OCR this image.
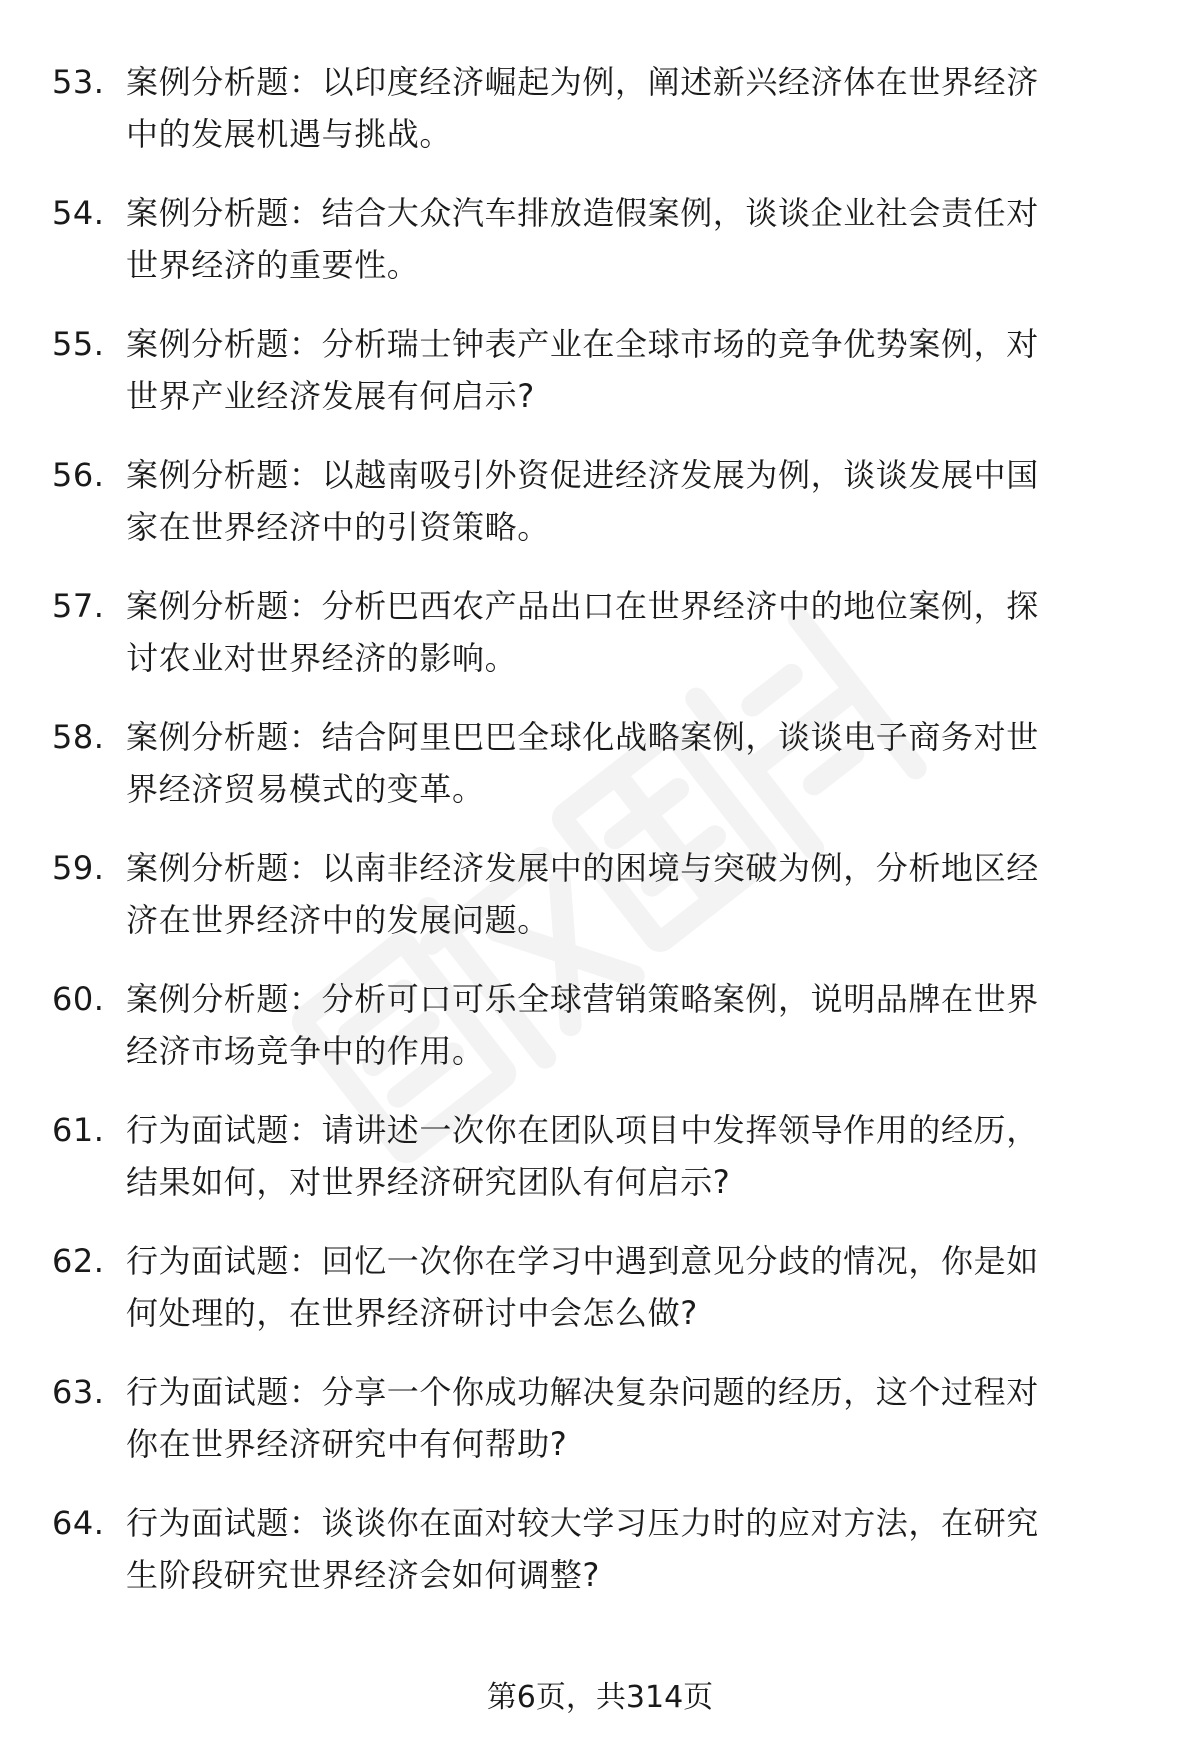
53. 案例分析题：以印度经济崛起为例，阐述新兴经济体在世界经济
中的发展机遇与挑战。

54. 案例分析题：结合大众汽车排放造假案例，谈谈企业社会责任对
世界经济的重要性。

55. 案例分析题：分析瑞士钟表产业在全球市场的竞争优势案例，对
世界产业经济发展有何启示?

56. 案例分析题：以越南吸引外资促进经济发展为例，谈谈发展中国
家在世界经济中的引资策略。

57. 案例分析题：分析巴西农产品出口在世界经济中的地位案例，探
讨农业对世界经济的影响。

58. 案例分析题：结合阿里巴巴全球化战略案例，谈谈电子商务对世
界经济贸易模式的变革。

59. 案例分析题：以南非经济发展中的困境与突破为例，分析地区经
济在世界经济中的发展问题。

60. 案例分析题：分析可口可乐全球营销策略案例，说明品牌在世界
经济市场竞争中的作用。

61. 行为面试题：请讲述一次你在团队项目中发挥领导作用的经历，
结果如何，对世界经济研究团队有何启示?

62. 行为面试题：回忆一次你在学习中遇到意见分歧的情况，你是如
何处理的，在世界经济研讨中会怎么做?

63. 行为面试题：分享一个你成功解决复杂问题的经历，这个过程对
你在世界经济研究中有何帮助?

64. 行为面试题：谈谈你在面对较大学习压力时的应对方法，在研究
生阶段研究世界经济会如何调整?

第6页，共314页
